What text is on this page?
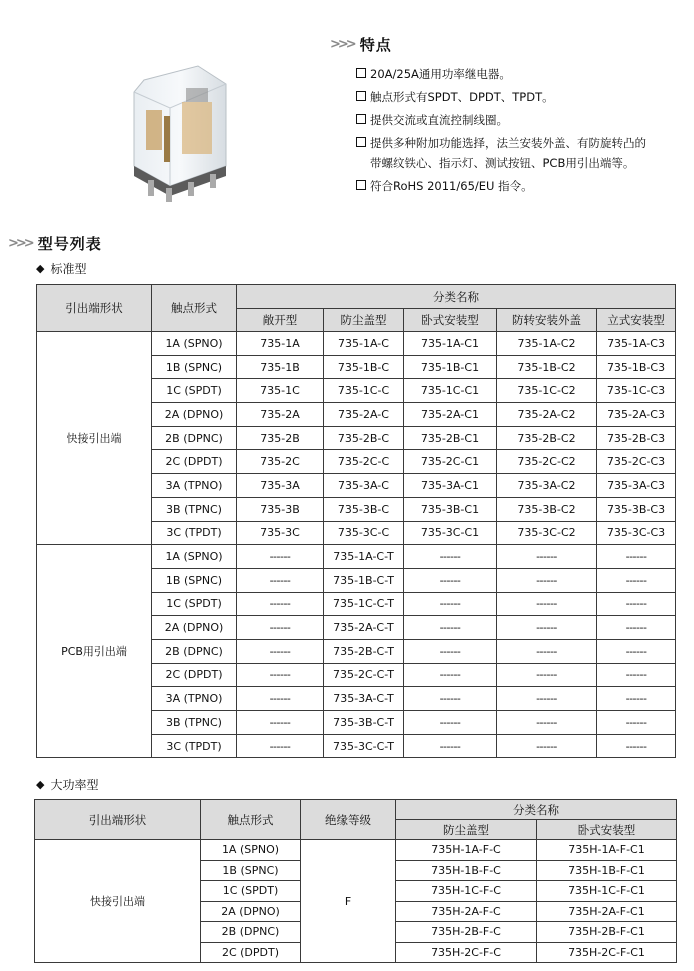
>>> 特点
20A/25A通用功率继电器。
触点形式有SPDT、DPDT、TPDT。
提供交流或直流控制线圈。
提供多种附加功能选择，法兰安装外盖、有防旋转凸的
带螺纹铁心、指示灯、测试按钮、PCB用引出端等。
符合RoHS 2011/65/EU 指令。
>>> 型号列表
◆ 标准型
引出端形状	触点形式	分类名称				
		敞开型	防尘盖型	卧式安装型	防转安装外盖	立式安装型
快接引出端	1A (SPNO)	735-1A	735-1A-C	735-1A-C1	735-1A-C2	735-1A-C3
	1B (SPNC)	735-1B	735-1B-C	735-1B-C1	735-1B-C2	735-1B-C3
	1C (SPDT)	735-1C	735-1C-C	735-1C-C1	735-1C-C2	735-1C-C3
	2A (DPNO)	735-2A	735-2A-C	735-2A-C1	735-2A-C2	735-2A-C3
	2B (DPNC)	735-2B	735-2B-C	735-2B-C1	735-2B-C2	735-2B-C3
	2C (DPDT)	735-2C	735-2C-C	735-2C-C1	735-2C-C2	735-2C-C3
	3A (TPNO)	735-3A	735-3A-C	735-3A-C1	735-3A-C2	735-3A-C3
	3B (TPNC)	735-3B	735-3B-C	735-3B-C1	735-3B-C2	735-3B-C3
	3C (TPDT)	735-3C	735-3C-C	735-3C-C1	735-3C-C2	735-3C-C3
PCB用引出端	1A (SPNO)	------	735-1A-C-T	------	------	------
	1B (SPNC)	------	735-1B-C-T	------	------	------
	1C (SPDT)	------	735-1C-C-T	------	------	------
	2A (DPNO)	------	735-2A-C-T	------	------	------
	2B (DPNC)	------	735-2B-C-T	------	------	------
	2C (DPDT)	------	735-2C-C-T	------	------	------
	3A (TPNO)	------	735-3A-C-T	------	------	------
	3B (TPNC)	------	735-3B-C-T	------	------	------
	3C (TPDT)	------	735-3C-C-T	------	------	------
◆ 大功率型
引出端形状	触点形式	绝缘等级	分类名称	
			防尘盖型	卧式安装型
快接引出端	1A (SPNO)	F	735H-1A-F-C	735H-1A-F-C1
	1B (SPNC)		735H-1B-F-C	735H-1B-F-C1
	1C (SPDT)		735H-1C-F-C	735H-1C-F-C1
	2A (DPNO)		735H-2A-F-C	735H-2A-F-C1
	2B (DPNC)		735H-2B-F-C	735H-2B-F-C1
	2C (DPDT)		735H-2C-F-C	735H-2C-F-C1
